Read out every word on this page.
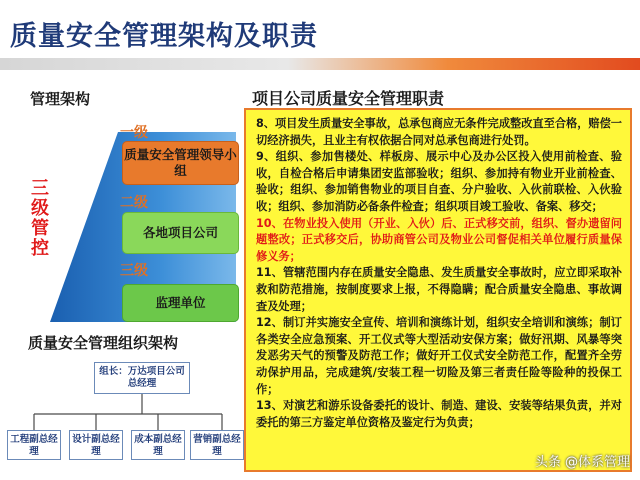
质量安全管理架构及职责
管理架构
一级
二级
三级
三级管控
质量安全管理领导小组
各地项目公司
监理单位
质量安全管理组织架构
组长：万达项目公司总经理
工程副总经理
设计副总经理
成本副总经理
营销副总经理
项目公司质量安全管理职责

8、项目发生质量安全事故，总承包商应无条件完成整改直至合格，赔偿一切经济损失，且业主有权依据合同对总承包商进行处罚。

9、组织、参加售楼处、样板房、展示中心及办公区投入使用前检查、验收，自检合格后申请集团安监部验收；组织、参加持有物业开业前检查、验收；组织、参加销售物业的项目自查、分户验收、入伙前联检、入伙验收；组织、参加消防必备条件检查；组织项目竣工验收、备案、移交；

10、在物业投入使用（开业、入伙）后、正式移交前，组织、督办遗留问题整改；正式移交后，协助商管公司及物业公司督促相关单位履行质量保修义务；

11、管辖范围内存在质量安全隐患、发生质量安全事故时，应立即采取补救和防范措施，按制度要求上报，不得隐瞒；配合质量安全隐患、事故调查及处理；

12、制订并实施安全宣传、培训和演练计划，组织安全培训和演练；制订各类安全应急预案、开工仪式等大型活动安保方案；做好汛期、风暴等突发恶劣天气的预警及防范工作；做好开工仪式安全防范工作，配置齐全劳动保护用品，完成建筑/安装工程一切险及第三者责任险等险种的投保工作；

13、对演艺和游乐设备委托的设计、制造、建设、安装等结果负责，并对委托的第三方鉴定单位资格及鉴定行为负责；

头条 @体系管理
